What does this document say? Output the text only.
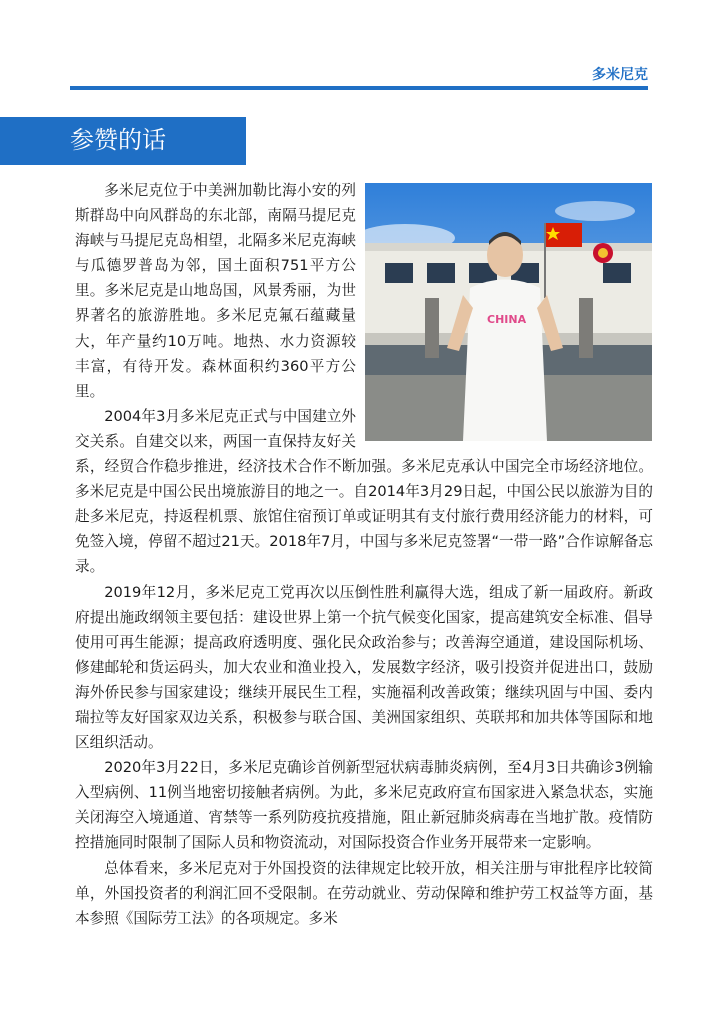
多米尼克
参赞的话
CHINA

多米尼克位于中美洲加勒比海小安的列斯群岛中向风群岛的东北部，南隔马提尼克海峡与马提尼克岛相望，北隔多米尼克海峡与瓜德罗普岛为邻，国土面积751平方公里。多米尼克是山地岛国，风景秀丽，为世界著名的旅游胜地。多米尼克氟石蕴藏量大，年产量约10万吨。地热、水力资源较丰富，有待开发。森林面积约360平方公里。

2004年3月多米尼克正式与中国建立外交关系。自建交以来，两国一直保持友好关系，经贸合作稳步推进，经济技术合作不断加强。多米尼克承认中国完全市场经济地位。多米尼克是中国公民出境旅游目的地之一。自2014年3月29日起，中国公民以旅游为目的赴多米尼克，持返程机票、旅馆住宿预订单或证明其有支付旅行费用经济能力的材料，可免签入境，停留不超过21天。2018年7月，中国与多米尼克签署“一带一路”合作谅解备忘录。

2019年12月，多米尼克工党再次以压倒性胜利赢得大选，组成了新一届政府。新政府提出施政纲领主要包括：建设世界上第一个抗气候变化国家，提高建筑安全标准、倡导使用可再生能源；提高政府透明度、强化民众政治参与；改善海空通道，建设国际机场、修建邮轮和货运码头，加大农业和渔业投入，发展数字经济，吸引投资并促进出口，鼓励海外侨民参与国家建设；继续开展民生工程，实施福利改善政策；继续巩固与中国、委内瑞拉等友好国家双边关系，积极参与联合国、美洲国家组织、英联邦和加共体等国际和地区组织活动。

2020年3月22日，多米尼克确诊首例新型冠状病毒肺炎病例，至4月3日共确诊3例输入型病例、11例当地密切接触者病例。为此，多米尼克政府宣布国家进入紧急状态，实施关闭海空入境通道、宵禁等一系列防疫抗疫措施，阻止新冠肺炎病毒在当地扩散。疫情防控措施同时限制了国际人员和物资流动，对国际投资合作业务开展带来一定影响。

总体看来，多米尼克对于外国投资的法律规定比较开放，相关注册与审批程序比较简单，外国投资者的利润汇回不受限制。在劳动就业、劳动保障和维护劳工权益等方面，基本参照《国际劳工法》的各项规定。多米
